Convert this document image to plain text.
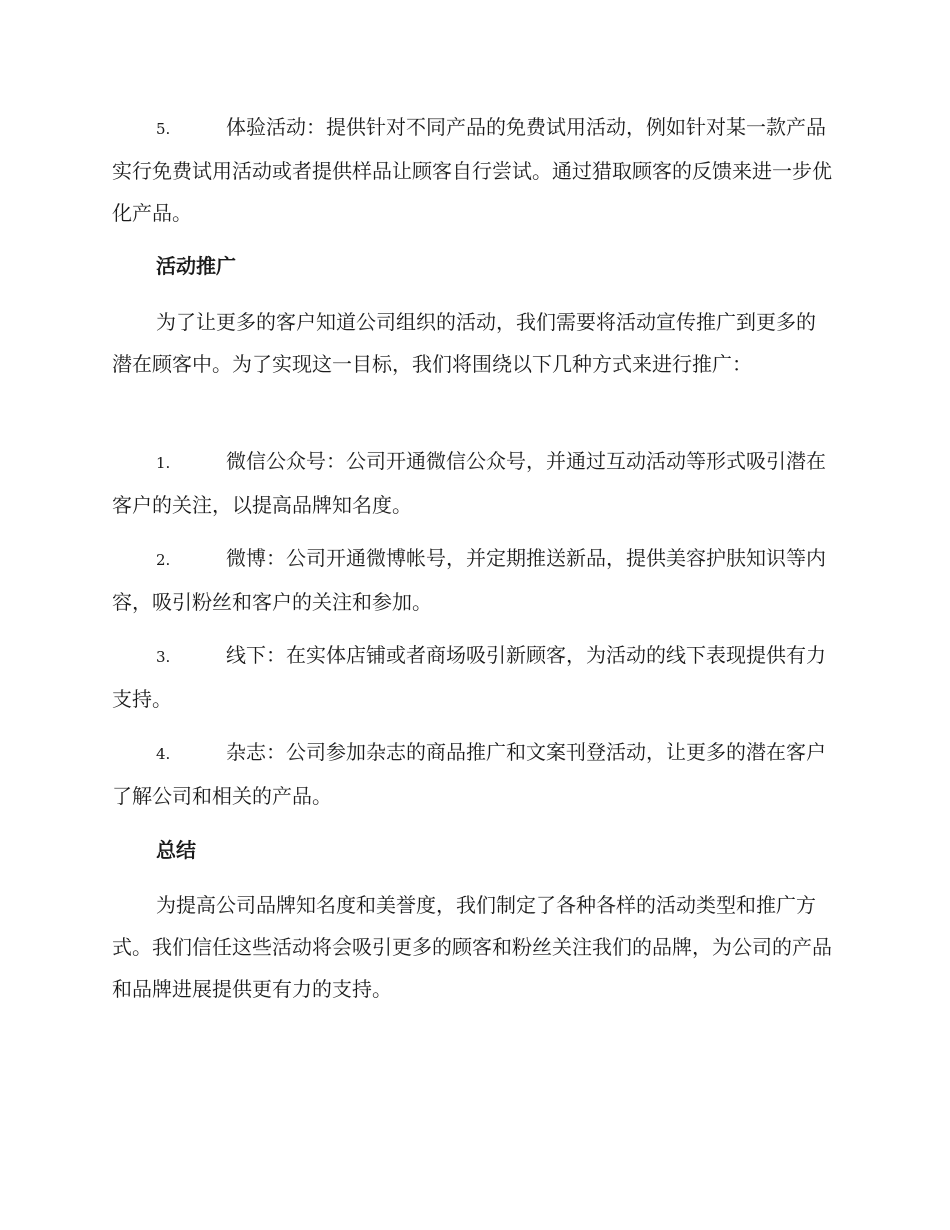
5.	体验活动：提供针对不同产品的免费试用活动，例如针对某一款产品实行免费试用活动或者提供样品让顾客自行尝试。通过猎取顾客的反馈来进一步优化产品。

活动推广

为了让更多的客户知道公司组织的活动，我们需要将活动宣传推广到更多的潜在顾客中。为了实现这一目标，我们将围绕以下几种方式来进行推广：

1.	微信公众号：公司开通微信公众号，并通过互动活动等形式吸引潜在客户的关注，以提高品牌知名度。

2.	微博：公司开通微博帐号，并定期推送新品，提供美容护肤知识等内容，吸引粉丝和客户的关注和参加。

3.	线下：在实体店铺或者商场吸引新顾客，为活动的线下表现提供有力支持。

4.	杂志：公司参加杂志的商品推广和文案刊登活动，让更多的潜在客户了解公司和相关的产品。

总结

为提高公司品牌知名度和美誉度，我们制定了各种各样的活动类型和推广方式。我们信任这些活动将会吸引更多的顾客和粉丝关注我们的品牌，为公司的产品和品牌进展提供更有力的支持。
